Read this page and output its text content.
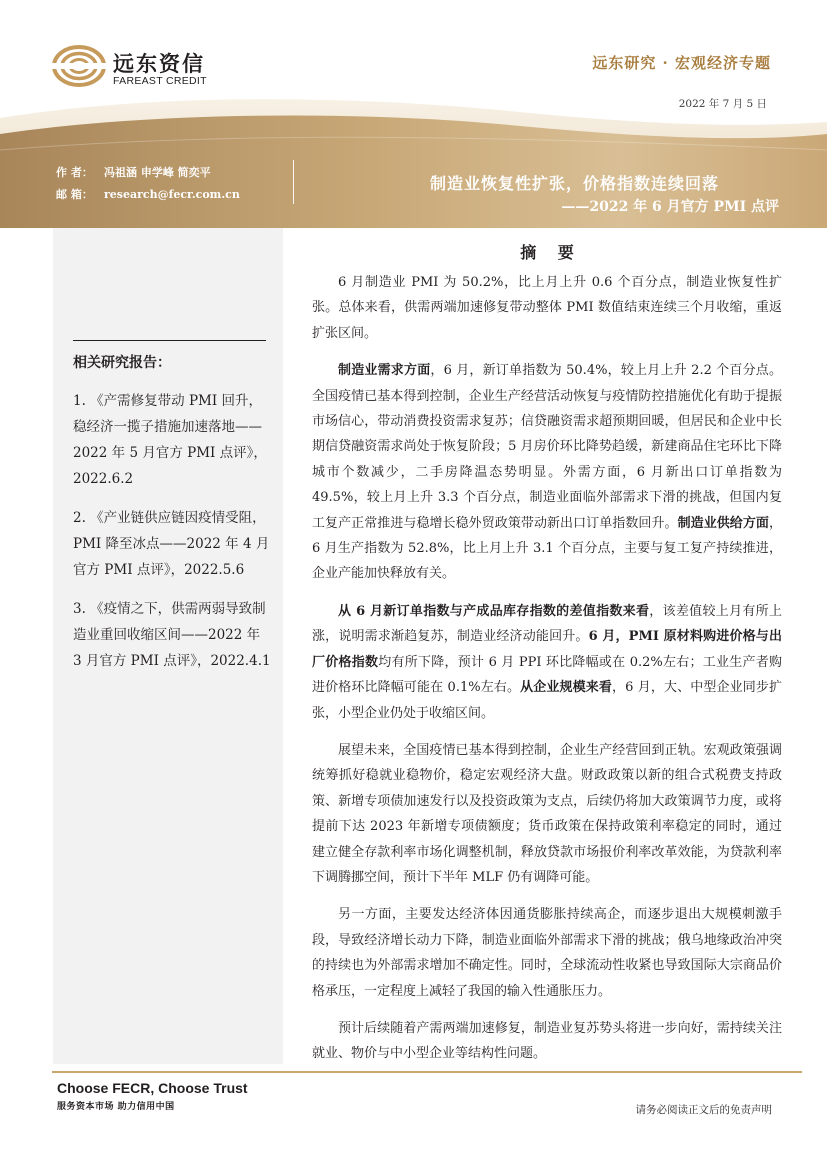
远东资信
FAREAST CREDIT
远东研究 · 宏观经济专题
2022 年 7 月 5 日
作 者： 冯祖涵 申学峰 简奕平
邮 箱： research@fecr.com.cn
制造业恢复性扩张，价格指数连续回落
——2022 年 6 月官方 PMI 点评
相关研究报告：
1. 《产需修复带动 PMI 回升，稳经济一揽子措施加速落地——2022 年 5 月官方 PMI 点评》，2022.6.2
2. 《产业链供应链因疫情受阻，PMI 降至冰点——2022 年 4 月官方 PMI 点评》，2022.5.6
3. 《疫情之下，供需两弱导致制造业重回收缩区间——2022 年 3 月官方 PMI 点评》，2022.4.1
摘 要

6 月制造业 PMI 为 50.2%，比上月上升 0.6 个百分点，制造业恢复性扩张。总体来看，供需两端加速修复带动整体 PMI 数值结束连续三个月收缩，重返扩张区间。

制造业需求方面，6 月，新订单指数为 50.4%，较上月上升 2.2 个百分点。全国疫情已基本得到控制，企业生产经营活动恢复与疫情防控措施优化有助于提振市场信心，带动消费投资需求复苏；信贷融资需求超预期回暖，但居民和企业中长期信贷融资需求尚处于恢复阶段；5 月房价环比降势趋缓，新建商品住宅环比下降城市个数减少，二手房降温态势明显。外需方面，6 月新出口订单指数为 49.5%，较上月上升 3.3 个百分点，制造业面临外部需求下滑的挑战，但国内复工复产正常推进与稳增长稳外贸政策带动新出口订单指数回升。制造业供给方面，6 月生产指数为 52.8%，比上月上升 3.1 个百分点，主要与复工复产持续推进，企业产能加快释放有关。

从 6 月新订单指数与产成品库存指数的差值指数来看，该差值较上月有所上涨，说明需求渐趋复苏，制造业经济动能回升。6 月，PMI 原材料购进价格与出厂价格指数均有所下降，预计 6 月 PPI 环比降幅或在 0.2%左右；工业生产者购进价格环比降幅可能在 0.1%左右。从企业规模来看，6 月，大、中型企业同步扩张，小型企业仍处于收缩区间。

展望未来，全国疫情已基本得到控制，企业生产经营回到正轨。宏观政策强调统筹抓好稳就业稳物价，稳定宏观经济大盘。财政政策以新的组合式税费支持政策、新增专项债加速发行以及投资政策为支点，后续仍将加大政策调节力度，或将提前下达 2023 年新增专项债额度；货币政策在保持政策利率稳定的同时，通过建立健全存款利率市场化调整机制，释放贷款市场报价利率改革效能，为贷款利率下调腾挪空间，预计下半年 MLF 仍有调降可能。

另一方面，主要发达经济体因通货膨胀持续高企，而逐步退出大规模刺激手段，导致经济增长动力下降，制造业面临外部需求下滑的挑战；俄乌地缘政治冲突的持续也为外部需求增加不确定性。同时，全球流动性收紧也导致国际大宗商品价格承压，一定程度上减轻了我国的输入性通胀压力。

预计后续随着产需两端加速修复，制造业复苏势头将进一步向好，需持续关注就业、物价与中小型企业等结构性问题。

Choose FECR, Choose Trust
服务资本市场 助力信用中国	请务必阅读正文后的免责声明
